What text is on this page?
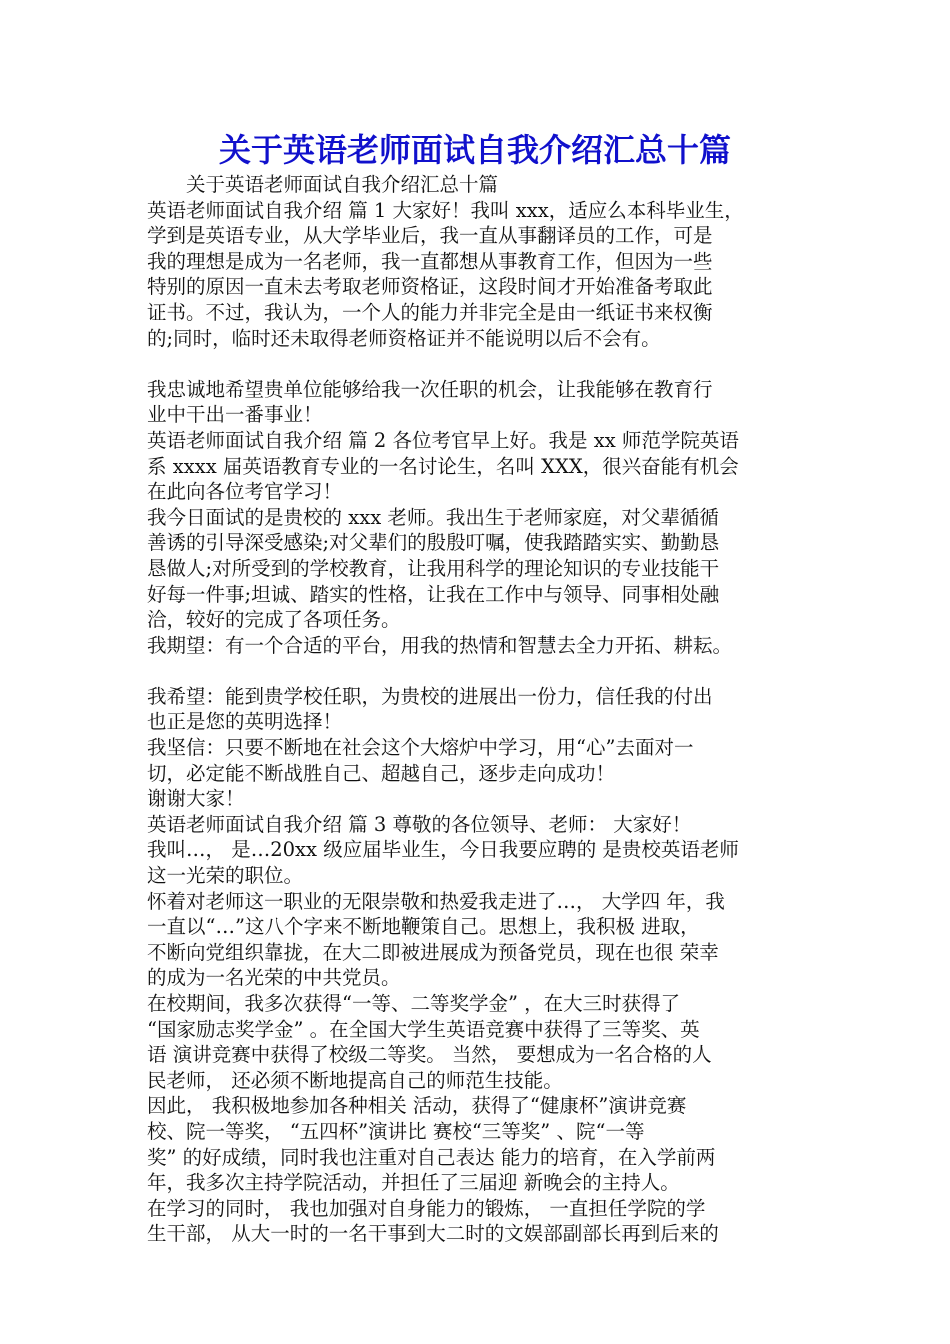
关于英语老师面试自我介绍汇总十篇
　　关于英语老师面试自我介绍汇总十篇
英语老师面试自我介绍 篇 1 大家好！我叫 xxx，适应么本科毕业生，
学到是英语专业，从大学毕业后，我一直从事翻译员的工作，可是
我的理想是成为一名老师，我一直都想从事教育工作，但因为一些
特别的原因一直未去考取老师资格证，这段时间才开始准备考取此
证书。不过，我认为，一个人的能力并非完全是由一纸证书来权衡
的;同时，临时还未取得老师资格证并不能说明以后不会有。
我忠诚地希望贵单位能够给我一次任职的机会，让我能够在教育行
业中干出一番事业！
英语老师面试自我介绍 篇 2 各位考官早上好。我是 xx 师范学院英语
系 xxxx 届英语教育专业的一名讨论生，名叫 XXX，很兴奋能有机会
在此向各位考官学习！
我今日面试的是贵校的 xxx 老师。我出生于老师家庭，对父辈循循
善诱的引导深受感染;对父辈们的殷殷叮嘱，使我踏踏实实、勤勤恳
恳做人;对所受到的学校教育，让我用科学的理论知识的专业技能干
好每一件事;坦诚、踏实的性格，让我在工作中与领导、同事相处融
洽，较好的完成了各项任务。
我期望：有一个合适的平台，用我的热情和智慧去全力开拓、耕耘。
我希望：能到贵学校任职，为贵校的进展出一份力，信任我的付出
也正是您的英明选择！
我坚信：只要不断地在社会这个大熔炉中学习，用“心”去面对一
切，必定能不断战胜自己、超越自己，逐步走向成功！
谢谢大家！
英语老师面试自我介绍 篇 3 尊敬的各位领导、老师： 大家好！
我叫…， 是…20xx 级应届毕业生，今日我要应聘的 是贵校英语老师
这一光荣的职位。
怀着对老师这一职业的无限崇敬和热爱我走进了…， 大学四 年，我
一直以“…”这八个字来不断地鞭策自己。思想上，我积极 进取，
不断向党组织靠拢，在大二即被进展成为预备党员，现在也很 荣幸
的成为一名光荣的中共党员。
在校期间，我多次获得“一等、二等奖学金” ，在大三时获得了
“国家励志奖学金” 。在全国大学生英语竞赛中获得了三等奖、英
语 演讲竞赛中获得了校级二等奖。 当然， 要想成为一名合格的人
民老师， 还必须不断地提高自己的师范生技能。
因此， 我积极地参加各种相关 活动，获得了“健康杯”演讲竞赛
校、院一等奖， “五四杯”演讲比 赛校“三等奖” 、院“一等
奖” 的好成绩，同时我也注重对自己表达 能力的培育，在入学前两
年，我多次主持学院活动，并担任了三届迎 新晚会的主持人。
在学习的同时， 我也加强对自身能力的锻炼， 一直担任学院的学
生干部， 从大一时的一名干事到大二时的文娱部副部长再到后来的
